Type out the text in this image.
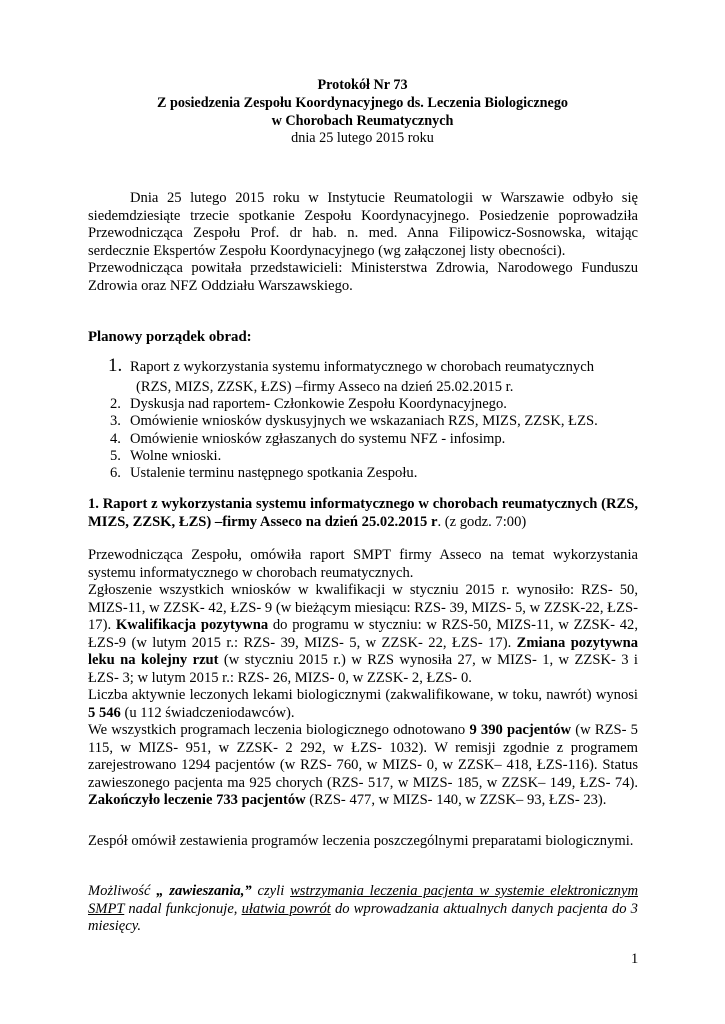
Protokół Nr 73
Z posiedzenia Zespołu Koordynacyjnego ds. Leczenia Biologicznego
w Chorobach Reumatycznych
dnia 25 lutego 2015 roku
Dnia 25 lutego 2015 roku w Instytucie Reumatologii w Warszawie odbyło się siedemdziesiąte trzecie spotkanie Zespołu Koordynacyjnego. Posiedzenie poprowadziła Przewodnicząca Zespołu Prof. dr hab. n. med. Anna Filipowicz-Sosnowska, witając serdecznie Ekspertów Zespołu Koordynacyjnego (wg załączonej listy obecności).
Przewodnicząca powitała przedstawicieli: Ministerstwa Zdrowia, Narodowego Funduszu Zdrowia oraz NFZ Oddziału Warszawskiego.
Planowy porządek obrad:
1. Raport z wykorzystania systemu informatycznego w chorobach reumatycznych
(RZS, MIZS, ZZSK, ŁZS) –firmy Asseco na dzień 25.02.2015 r.
2. Dyskusja nad raportem- Członkowie Zespołu Koordynacyjnego.
3. Omówienie wniosków dyskusyjnych we wskazaniach RZS, MIZS, ZZSK, ŁZS.
4. Omówienie wniosków zgłaszanych do systemu NFZ - infosimp.
5. Wolne wnioski.
6. Ustalenie terminu następnego spotkania Zespołu.
1. Raport z wykorzystania systemu informatycznego w chorobach reumatycznych (RZS, MIZS, ZZSK, ŁZS) –firmy Asseco na dzień 25.02.2015 r. (z godz. 7:00)

Przewodnicząca Zespołu, omówiła raport SMPT firmy Asseco na temat wykorzystania systemu informatycznego w chorobach reumatycznych.

Zgłoszenie wszystkich wniosków w kwalifikacji w styczniu 2015 r. wynosiło: RZS- 50, MIZS-11, w ZZSK- 42, ŁZS- 9 (w bieżącym miesiącu: RZS- 39, MIZS- 5, w ZZSK-22, ŁZS-17). Kwalifikacja pozytywna do programu w styczniu: w RZS-50, MIZS-11, w ZZSK- 42, ŁZS-9 (w lutym 2015 r.: RZS- 39, MIZS- 5, w ZZSK- 22, ŁZS- 17). Zmiana pozytywna leku na kolejny rzut (w styczniu 2015 r.) w RZS wynosiła 27, w MIZS- 1, w ZZSK- 3 i ŁZS- 3; w lutym 2015 r.: RZS- 26, MIZS- 0, w ZZSK- 2, ŁZS- 0.

Liczba aktywnie leczonych lekami biologicznymi (zakwalifikowane, w toku, nawrót) wynosi 5 546 (u 112 świadczeniodawców).

We wszystkich programach leczenia biologicznego odnotowano 9 390 pacjentów (w RZS- 5 115, w MIZS- 951, w ZZSK- 2 292, w ŁZS- 1032). W remisji zgodnie z programem zarejestrowano 1294 pacjentów (w RZS- 760, w MIZS- 0, w ZZSK– 418, ŁZS-116). Status zawieszonego pacjenta ma 925 chorych (RZS- 517, w MIZS- 185, w ZZSK– 149, ŁZS- 74). Zakończyło leczenie 733 pacjentów (RZS- 477, w MIZS- 140, w ZZSK– 93, ŁZS- 23).

Zespół omówił zestawienia programów leczenia poszczególnymi preparatami biologicznymi.
Możliwość „ zawieszania,” czyli wstrzymania leczenia pacjenta w systemie elektronicznym SMPT nadal funkcjonuje, ułatwia powrót do wprowadzania aktualnych danych pacjenta do 3 miesięcy.
1
